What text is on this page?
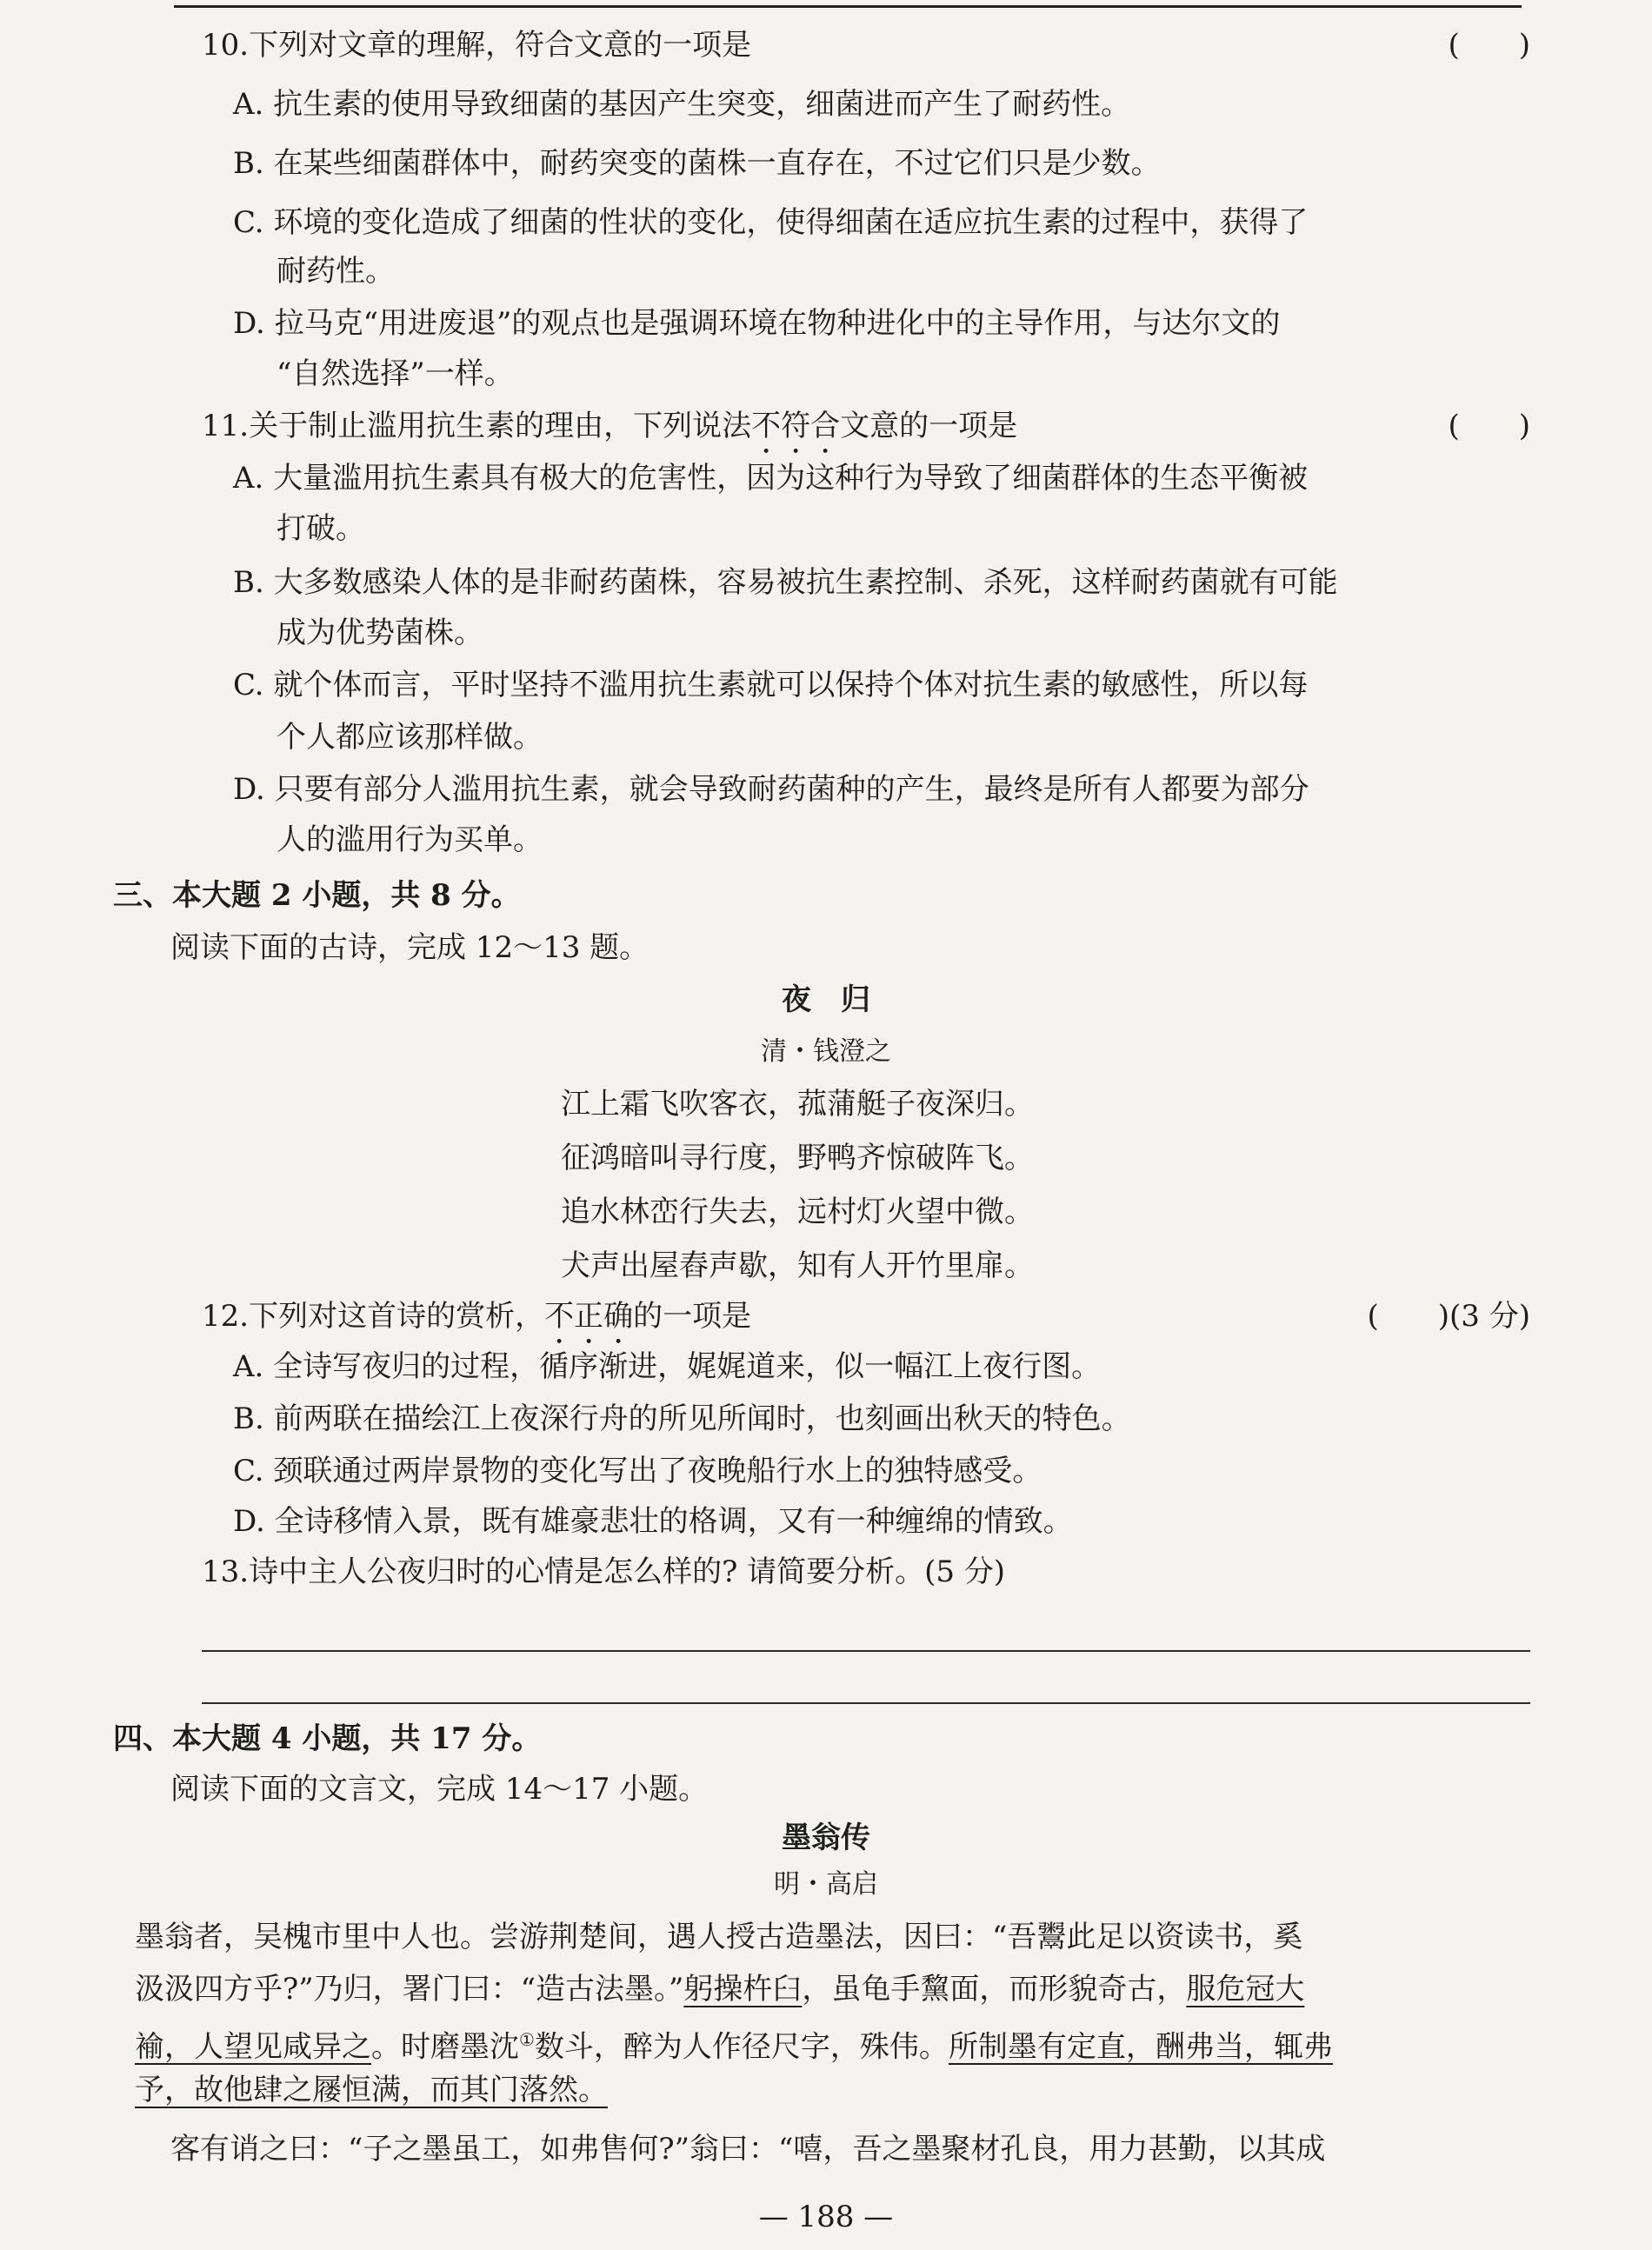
10.下列对文章的理解，符合文意的一项是	(　　)
A. 抗生素的使用导致细菌的基因产生突变，细菌进而产生了耐药性。
B. 在某些细菌群体中，耐药突变的菌株一直存在，不过它们只是少数。
C. 环境的变化造成了细菌的性状的变化，使得细菌在适应抗生素的过程中，获得了
耐药性。
D. 拉马克“用进废退”的观点也是强调环境在物种进化中的主导作用，与达尔文的
“自然选择”一样。
11.关于制止滥用抗生素的理由，下列说法不符合文意的一项是	(　　)
A. 大量滥用抗生素具有极大的危害性，因为这种行为导致了细菌群体的生态平衡被
打破。
B. 大多数感染人体的是非耐药菌株，容易被抗生素控制、杀死，这样耐药菌就有可能
成为优势菌株。
C. 就个体而言，平时坚持不滥用抗生素就可以保持个体对抗生素的敏感性，所以每
个人都应该那样做。
D. 只要有部分人滥用抗生素，就会导致耐药菌种的产生，最终是所有人都要为部分
人的滥用行为买单。
三、本大题 2 小题，共 8 分。
阅读下面的古诗，完成 12～13 题。
夜　归
清・钱澄之
江上霜飞吹客衣，菰蒲艇子夜深归。
征鸿暗叫寻行度，野鸭齐惊破阵飞。
追水林峦行失去，远村灯火望中微。
犬声出屋舂声歇，知有人开竹里扉。
12.下列对这首诗的赏析，不正确的一项是	(　　)(3 分)
A. 全诗写夜归的过程，循序渐进，娓娓道来，似一幅江上夜行图。
B. 前两联在描绘江上夜深行舟的所见所闻时，也刻画出秋天的特色。
C. 颈联通过两岸景物的变化写出了夜晚船行水上的独特感受。
D. 全诗移情入景，既有雄豪悲壮的格调，又有一种缠绵的情致。
13.诗中主人公夜归时的心情是怎么样的? 请简要分析。(5 分)
四、本大题 4 小题，共 17 分。
阅读下面的文言文，完成 14～17 小题。
墨翁传
明・高启
墨翁者，吴槐市里中人也。尝游荆楚间，遇人授古造墨法，因曰：“吾鬻此足以资读书，奚
汲汲四方乎?”乃归，署门曰：“造古法墨。”躬操杵臼，虽龟手黧面，而形貌奇古，服危冠大
褕，人望见咸异之。时磨墨沈①数斗，醉为人作径尺字，殊伟。所制墨有定直，酬弗当，辄弗
予，故他肆之屦恒满，而其门落然。
客有诮之曰：“子之墨虽工，如弗售何?”翁曰：“嘻，吾之墨聚材孔良，用力甚勤，以其成
— 188 —
